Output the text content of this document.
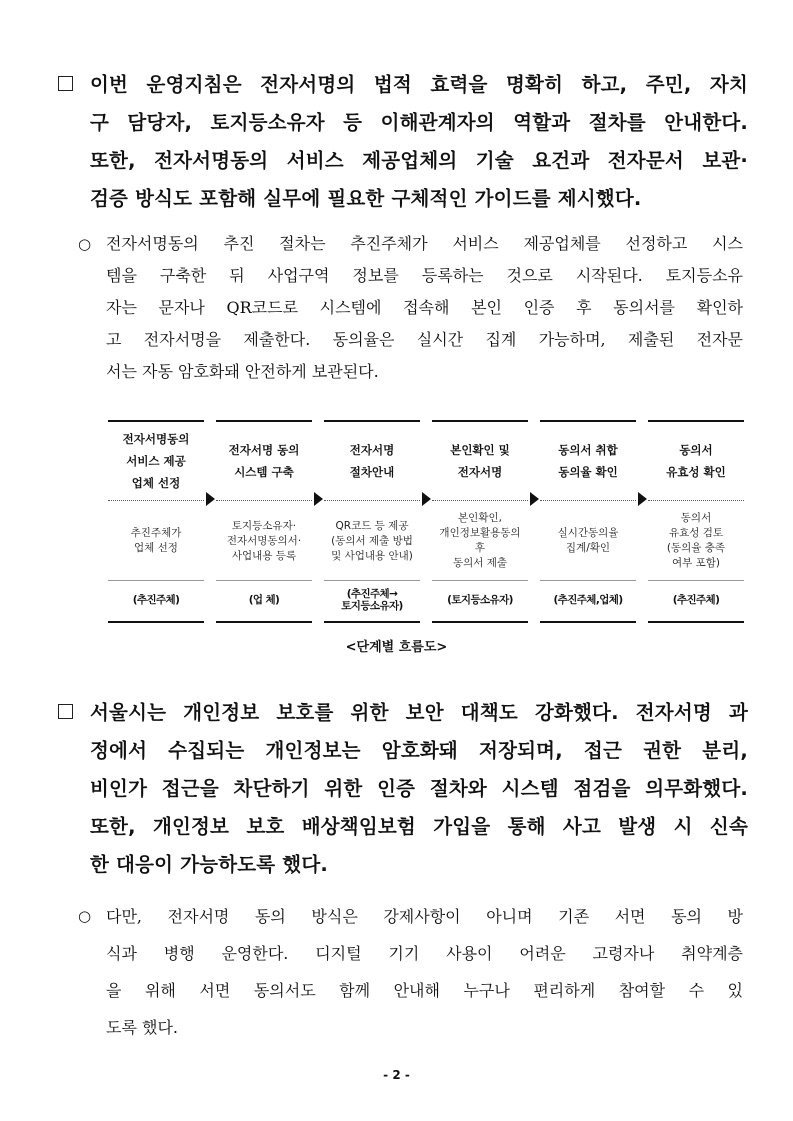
이번 운영지침은 전자서명의 법적 효력을 명확히 하고, 주민, 자치
구 담당자, 토지등소유자 등 이해관계자의 역할과 절차를 안내한다.
또한, 전자서명동의 서비스 제공업체의 기술 요건과 전자문서 보관·
검증 방식도 포함해 실무에 필요한 구체적인 가이드를 제시했다.
○ 전자서명동의 추진 절차는 추진주체가 서비스 제공업체를 선정하고 시스
템을 구축한 뒤 사업구역 정보를 등록하는 것으로 시작된다. 토지등소유
자는 문자나 QR코드로 시스템에 접속해 본인 인증 후 동의서를 확인하
고 전자서명을 제출한다. 동의율은 실시간 집계 가능하며, 제출된 전자문
서는 자동 암호화돼 안전하게 보관된다.
전자서명동의
서비스 제공
업체 선정
추진주체가
업체 선정
(추진주체)
전자서명 동의
시스템 구축
토지등소유자·
전자서명동의서·
사업내용 등록
(업 체)
전자서명
절차안내
QR코드 등 제공
(동의서 제출 방법
및 사업내용 안내)
(추진주체→
토지등소유자)
본인확인 및
전자서명
본인확인,
개인정보활용동의
후
동의서 제출
(토지등소유자)
동의서 취합
동의율 확인
실시간동의율
집계/확인
(추진주체,업체)
동의서
유효성 확인
동의서
유효성 검토
(동의율 충족
여부 포함)
(추진주체)
<단계별 흐름도>
서울시는 개인정보 보호를 위한 보안 대책도 강화했다. 전자서명 과
정에서 수집되는 개인정보는 암호화돼 저장되며, 접근 권한 분리,
비인가 접근을 차단하기 위한 인증 절차와 시스템 점검을 의무화했다.
또한, 개인정보 보호 배상책임보험 가입을 통해 사고 발생 시 신속
한 대응이 가능하도록 했다.
○ 다만, 전자서명 동의 방식은 강제사항이 아니며 기존 서면 동의 방
식과 병행 운영한다. 디지털 기기 사용이 어려운 고령자나 취약계층
을 위해 서면 동의서도 함께 안내해 누구나 편리하게 참여할 수 있
도록 했다.
- 2 -
